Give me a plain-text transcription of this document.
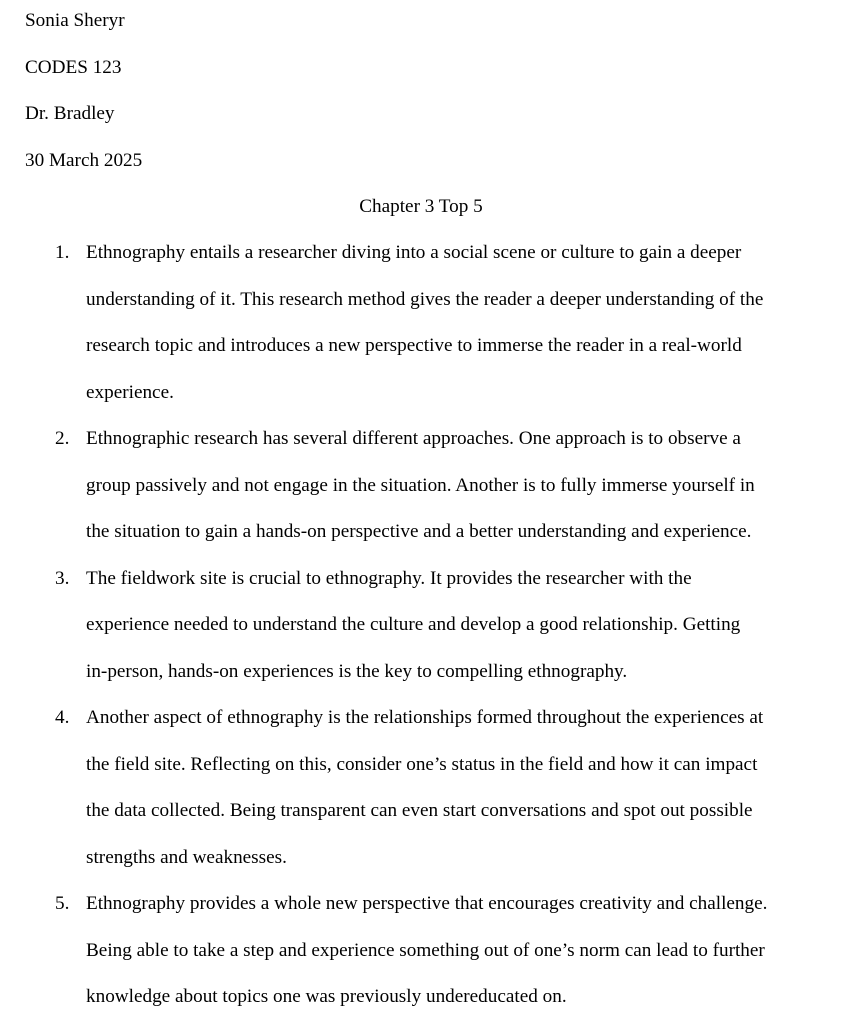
Sonia Sheryr
CODES 123
Dr. Bradley
30 March 2025
Chapter 3 Top 5
1. Ethnography entails a researcher diving into a social scene or culture to gain a deeper
understanding of it. This research method gives the reader a deeper understanding of the
research topic and introduces a new perspective to immerse the reader in a real-world
experience.
2. Ethnographic research has several different approaches. One approach is to observe a
group passively and not engage in the situation. Another is to fully immerse yourself in
the situation to gain a hands-on perspective and a better understanding and experience.
3. The fieldwork site is crucial to ethnography. It provides the researcher with the
experience needed to understand the culture and develop a good relationship. Getting
in-person, hands-on experiences is the key to compelling ethnography.
4. Another aspect of ethnography is the relationships formed throughout the experiences at
the field site. Reflecting on this, consider one’s status in the field and how it can impact
the data collected. Being transparent can even start conversations and spot out possible
strengths and weaknesses.
5. Ethnography provides a whole new perspective that encourages creativity and challenge.
Being able to take a step and experience something out of one’s norm can lead to further
knowledge about topics one was previously undereducated on.
